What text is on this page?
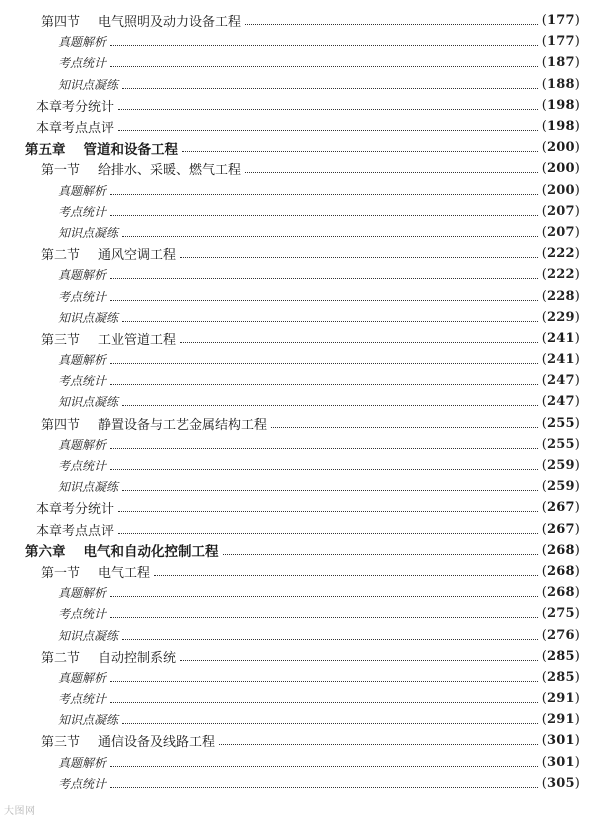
第四节 电气照明及动力设备工程	(177)
真题解析	(177)
考点统计	(187)
知识点凝练	(188)
本章考分统计	(198)
本章考点点评	(198)
第五章 管道和设备工程	(200)
第一节 给排水、采暖、燃气工程	(200)
真题解析	(200)
考点统计	(207)
知识点凝练	(207)
第二节 通风空调工程	(222)
真题解析	(222)
考点统计	(228)
知识点凝练	(229)
第三节 工业管道工程	(241)
真题解析	(241)
考点统计	(247)
知识点凝练	(247)
第四节 静置设备与工艺金属结构工程	(255)
真题解析	(255)
考点统计	(259)
知识点凝练	(259)
本章考分统计	(267)
本章考点点评	(267)
第六章 电气和自动化控制工程	(268)
第一节 电气工程	(268)
真题解析	(268)
考点统计	(275)
知识点凝练	(276)
第二节 自动控制系统	(285)
真题解析	(285)
考点统计	(291)
知识点凝练	(291)
第三节 通信设备及线路工程	(301)
真题解析	(301)
考点统计	(305)
大图网
